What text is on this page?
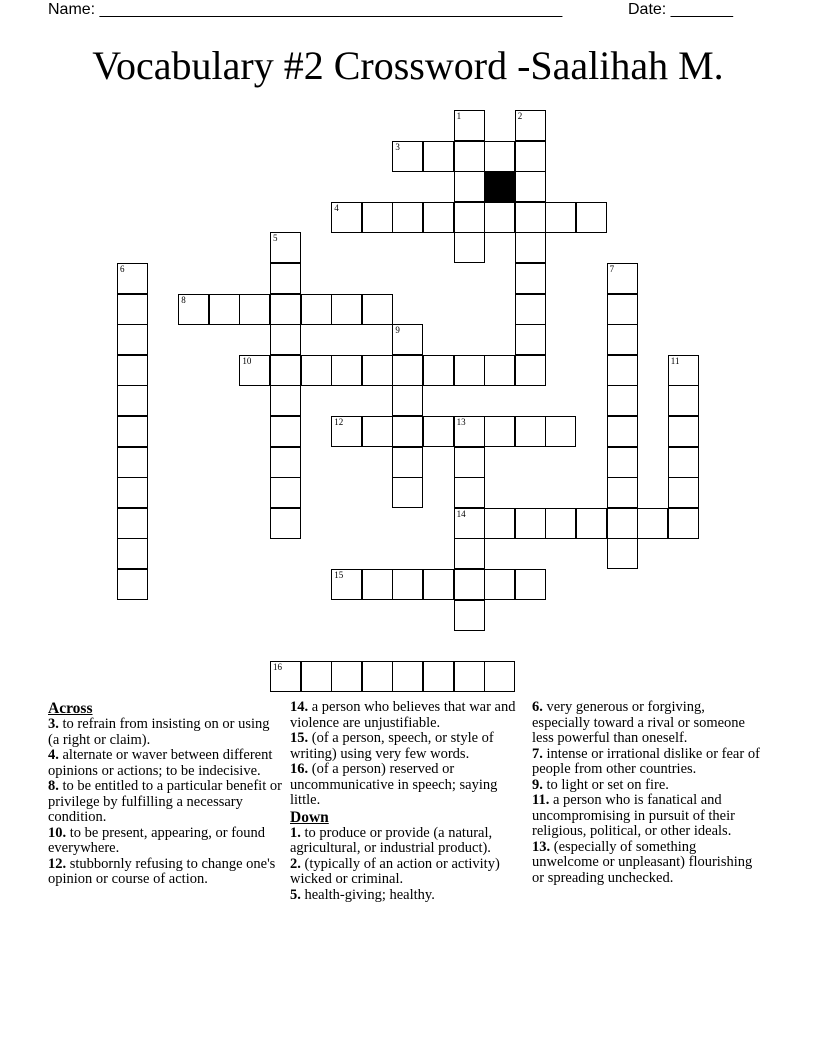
Name: ____________________________________________________	Date: _______
Vocabulary #2 Crossword -Saalihah M.
3
4
8
10
12	13
14
15
16
1	2
5
6	7
9
11
Across

3. to refrain from insisting on or using (a right or claim).

4. alternate or waver between different opinions or actions; to be indecisive.

8. to be entitled to a particular benefit or privilege by fulfilling a necessary condition.

10. to be present, appearing, or found everywhere.

12. stubbornly refusing to change one's opinion or course of action.

14. a person who believes that war and violence are unjustifiable.

15. (of a person, speech, or style of writing) using very few words.

16. (of a person) reserved or uncommunicative in speech; saying little.

Down

1. to produce or provide (a natural, agricultural, or industrial product).

2. (typically of an action or activity) wicked or criminal.

5. health-giving; healthy.

6. very generous or forgiving, especially toward a rival or someone less powerful than oneself.

7. intense or irrational dislike or fear of people from other countries.

9. to light or set on fire.

11. a person who is fanatical and uncompromising in pursuit of their religious, political, or other ideals.

13. (especially of something unwelcome or unpleasant) flourishing or spreading unchecked.
